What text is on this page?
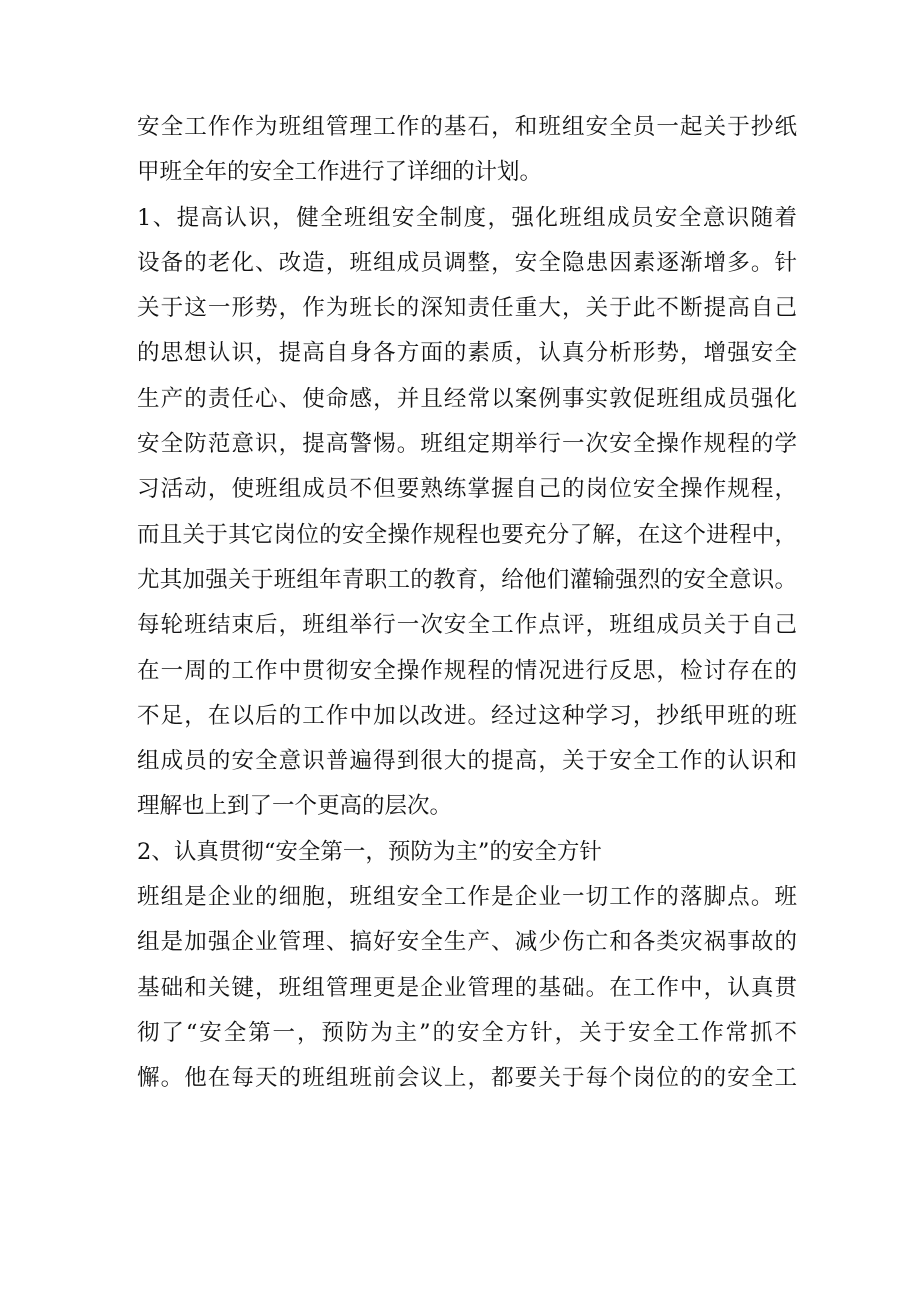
安全工作作为班组管理工作的基石，和班组安全员一起关于抄纸
甲班全年的安全工作进行了详细的计划。
1、提高认识，健全班组安全制度，强化班组成员安全意识随着
设备的老化、改造，班组成员调整，安全隐患因素逐渐增多。针
关于这一形势，作为班长的深知责任重大，关于此不断提高自己
的思想认识，提高自身各方面的素质，认真分析形势，增强安全
生产的责任心、使命感，并且经常以案例事实敦促班组成员强化
安全防范意识，提高警惕。班组定期举行一次安全操作规程的学
习活动，使班组成员不但要熟练掌握自己的岗位安全操作规程，
而且关于其它岗位的安全操作规程也要充分了解，在这个进程中，
尤其加强关于班组年青职工的教育，给他们灌输强烈的安全意识。
每轮班结束后，班组举行一次安全工作点评，班组成员关于自己
在一周的工作中贯彻安全操作规程的情况进行反思，检讨存在的
不足，在以后的工作中加以改进。经过这种学习，抄纸甲班的班
组成员的安全意识普遍得到很大的提高，关于安全工作的认识和
理解也上到了一个更高的层次。
2、认真贯彻“安全第一，预防为主”的安全方针
班组是企业的细胞，班组安全工作是企业一切工作的落脚点。班
组是加强企业管理、搞好安全生产、减少伤亡和各类灾祸事故的
基础和关键，班组管理更是企业管理的基础。在工作中，认真贯
彻了“安全第一，预防为主”的安全方针，关于安全工作常抓不
懈。他在每天的班组班前会议上，都要关于每个岗位的的安全工
